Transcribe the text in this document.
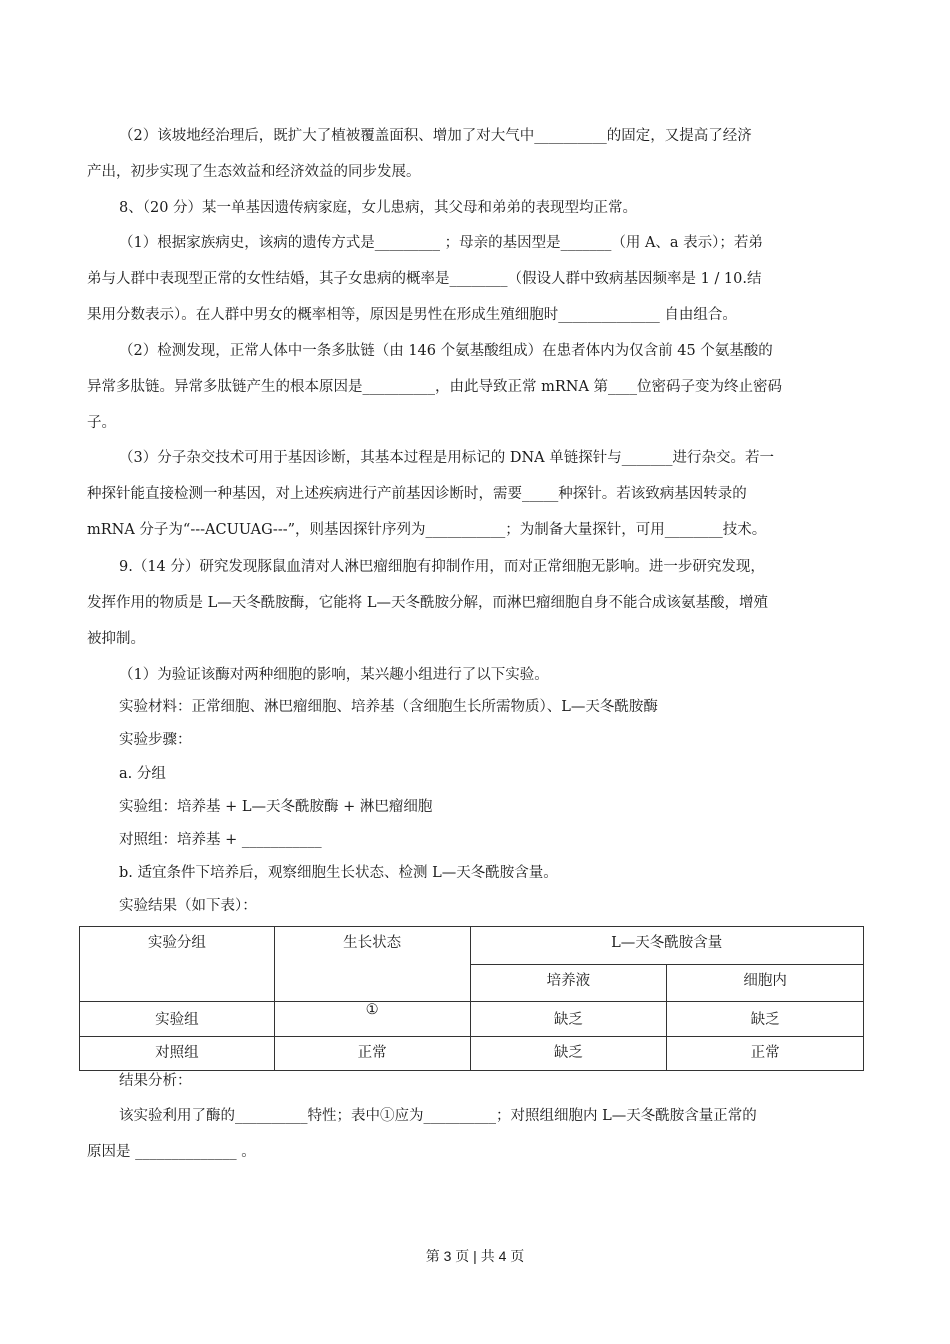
（2）该坡地经治理后，既扩大了植被覆盖面积、增加了对大气中__________的固定，又提高了经济
产出，初步实现了生态效益和经济效益的同步发展。
8、（20 分）某一单基因遗传病家庭，女儿患病，其父母和弟弟的表现型均正常。
（1）根据家族病史，该病的遗传方式是_________ ；母亲的基因型是_______（用 A、a 表示）；若弟
弟与人群中表现型正常的女性结婚，其子女患病的概率是________（假设人群中致病基因频率是 1 / 10.结
果用分数表示）。在人群中男女的概率相等，原因是男性在形成生殖细胞时______________ 自由组合。
（2）检测发现，正常人体中一条多肽链（由 146 个氨基酸组成）在患者体内为仅含前 45 个氨基酸的
异常多肽链。异常多肽链产生的根本原因是__________，由此导致正常 mRNA 第____位密码子变为终止密码
子。
（3）分子杂交技术可用于基因诊断，其基本过程是用标记的 DNA 单链探针与_______进行杂交。若一
种探针能直接检测一种基因，对上述疾病进行产前基因诊断时，需要_____种探针。若该致病基因转录的
mRNA 分子为“---ACUUAG---”，则基因探针序列为___________；为制备大量探针，可用________技术。
9.（14 分）研究发现豚鼠血清对人淋巴瘤细胞有抑制作用，而对正常细胞无影响。进一步研究发现，
发挥作用的物质是 L—天冬酰胺酶，它能将 L—天冬酰胺分解，而淋巴瘤细胞自身不能合成该氨基酸，增殖
被抑制。
（1）为验证该酶对两种细胞的影响，某兴趣小组进行了以下实验。
实验材料：正常细胞、淋巴瘤细胞、培养基（含细胞生长所需物质）、L—天冬酰胺酶
实验步骤：
a. 分组
实验组：培养基 + L—天冬酰胺酶 + 淋巴瘤细胞
对照组：培养基 + ___________
b. 适宜条件下培养后，观察细胞生长状态、检测 L—天冬酰胺含量。
实验结果（如下表）：
实验分组	生长状态	L—天冬酰胺含量	
		培养液	细胞内
实验组	①	缺乏	缺乏
对照组	正常	缺乏	正常
结果分析：
该实验利用了酶的__________特性；表中①应为__________；对照组细胞内 L—天冬酰胺含量正常的
原因是 ______________ 。
第 3 页 | 共 4 页
